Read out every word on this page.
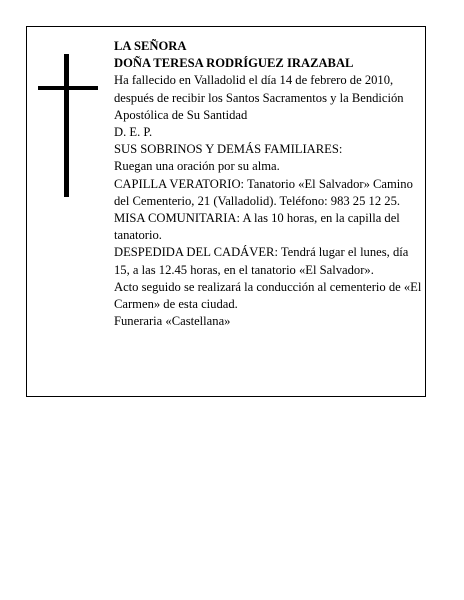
LA SEÑORA

DOÑA TERESA RODRÍGUEZ IRAZABAL

Ha fallecido en Valladolid el día 14 de febrero de 2010, después de recibir los Santos Sacramentos y la Bendición Apostólica de Su Santidad

D. E. P.

SUS SOBRINOS Y DEMÁS FAMILIARES:

Ruegan una oración por su alma.

CAPILLA VERATORIO: Tanatorio «El Salvador» Camino del Cementerio, 21 (Valladolid). Teléfono: 983 25 12 25.

MISA COMUNITARIA: A las 10 horas, en la capilla del tanatorio.

DESPEDIDA DEL CADÁVER: Tendrá lugar el lunes, día 15, a las 12.45 horas, en el tanatorio «El Salvador».

Acto seguido se realizará la conducción al cementerio de «El Carmen» de esta ciudad.

Funeraria «Castellana»
